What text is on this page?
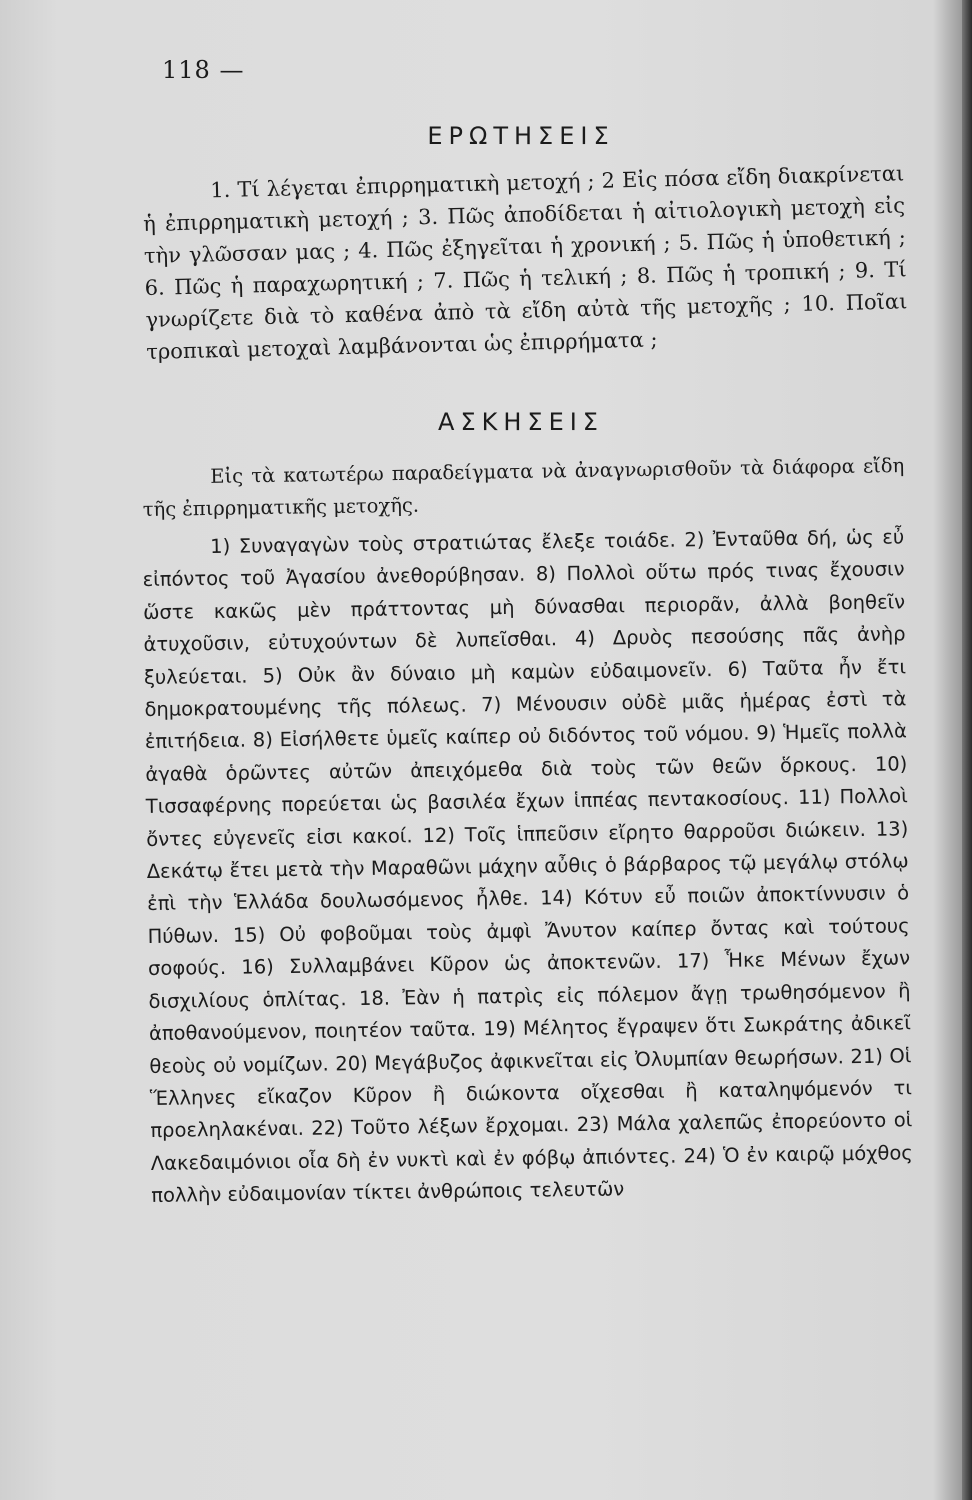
118 —
ΕΡΩΤΗΣΕΙΣ

1. Τί λέγεται ἐπιρρηματικὴ μετοχή ; 2 Εἰς πόσα εἴδη διακρίνεται ἡ ἐπιρρηματικὴ μετοχή ; 3. Πῶς ἀποδίδεται ἡ αἰτιολογικὴ μετοχὴ εἰς τὴν γλῶσσαν μας ; 4. Πῶς ἐξηγεῖται ἡ χρονική ; 5. Πῶς ἡ ὑποθετική ; 6. Πῶς ἡ παραχωρητική ; 7. Πῶς ἡ τελική ; 8. Πῶς ἡ τροπική ; 9. Τί γνωρίζετε διὰ τὸ καθένα ἀπὸ τὰ εἴδη αὐτὰ τῆς μετοχῆς ; 10. Ποῖαι τροπικαὶ μετοχαὶ λαμβάνονται ὡς ἐπιρρήματα ;

ΑΣΚΗΣΕΙΣ

Εἰς τὰ κατωτέρω παραδείγματα νὰ ἀναγνωρισθοῦν τὰ διάφορα εἴδη τῆς ἐπιρρηματικῆς μετοχῆς.

1) Συναγαγὼν τοὺς στρατιώτας ἔλεξε τοιάδε. 2) Ἐνταῦθα δή, ὡς εὖ εἰπόντος τοῦ Ἀγασίου ἀνεθορύβησαν. 8) Πολλοὶ οὕτω πρός τινας ἔχουσιν ὥστε κακῶς μὲν πράττοντας μὴ δύνασθαι περιορᾶν, ἀλλὰ βοηθεῖν ἀτυχοῦσιν, εὐτυχούντων δὲ λυπεῖσθαι. 4) Δρυὸς πεσούσης πᾶς ἀνὴρ ξυλεύεται. 5) Οὐκ ἂν δύναιο μὴ καμὼν εὐδαιμονεῖν. 6) Ταῦτα ἦν ἔτι δημοκρατουμένης τῆς πόλεως. 7) Μένουσιν οὐδὲ μιᾶς ἡμέρας ἐστὶ τὰ ἐπιτήδεια. 8) Εἰσήλθετε ὑμεῖς καίπερ οὐ διδόντος τοῦ νόμου. 9) Ἡμεῖς πολλὰ ἀγαθὰ ὁρῶντες αὐτῶν ἀπειχόμεθα διὰ τοὺς τῶν θεῶν ὅρκους. 10) Τισσαφέρνης πορεύεται ὡς βασιλέα ἔχων ἱππέας πεντακοσίους. 11) Πολλοὶ ὄντες εὐγενεῖς εἰσι κακοί. 12) Τοῖς ἱππεῦσιν εἴρητο θαρροῦσι διώκειν. 13) Δεκάτῳ ἔτει μετὰ τὴν Μαραθῶνι μάχην αὖθις ὁ βάρβαρος τῷ μεγάλῳ στόλῳ ἐπὶ τὴν Ἑλλάδα δουλωσόμενος ἦλθε. 14) Κότυν εὖ ποιῶν ἀποκτίννυσιν ὁ Πύθων. 15) Οὐ φοβοῦμαι τοὺς ἀμφὶ Ἄνυτον καίπερ ὄντας καὶ τούτους σοφούς. 16) Συλλαμβάνει Κῦρον ὡς ἀποκτενῶν. 17) Ἧκε Μένων ἔχων δισχιλίους ὁπλίτας. 18. Ἐὰν ἡ πατρὶς εἰς πόλεμον ἄγῃ τρωθησόμενον ἢ ἀποθανούμενον, ποιητέον ταῦτα. 19) Μέλητος ἔγραψεν ὅτι Σωκράτης ἀδικεῖ θεοὺς οὐ νομίζων. 20) Μεγάβυζος ἀφικνεῖται εἰς Ὀλυμπίαν θεωρήσων. 21) Οἱ Ἕλληνες εἴκαζον Κῦρον ἢ διώκοντα οἴχεσθαι ἢ καταληψόμενόν τι προεληλακέναι. 22) Τοῦτο λέξων ἔρχομαι. 23) Μάλα χαλεπῶς ἐπορεύοντο οἱ Λακεδαιμόνιοι οἷα δὴ ἐν νυκτὶ καὶ ἐν φόβῳ ἀπιόντες. 24) Ὁ ἐν καιρῷ μόχθος πολλὴν εὐδαιμονίαν τίκτει ἀνθρώποις τελευτῶν
